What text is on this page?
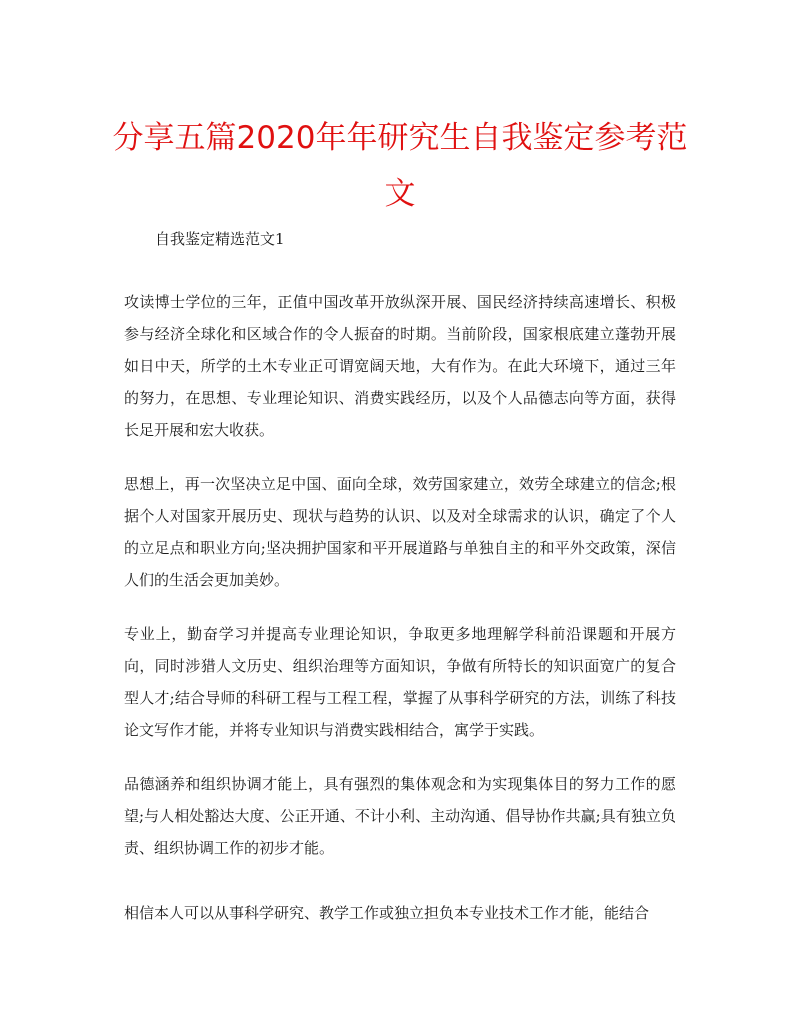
分享五篇2020年年研究生自我鉴定参考范文

自我鉴定精选范文1

攻读博士学位的三年，正值中国改革开放纵深开展、国民经济持续高速增长、积极参与经济全球化和区域合作的令人振奋的时期。当前阶段，国家根底建立蓬勃开展如日中天，所学的土木专业正可谓宽阔天地，大有作为。在此大环境下，通过三年的努力，在思想、专业理论知识、消费实践经历，以及个人品德志向等方面，获得长足开展和宏大收获。

思想上，再一次坚决立足中国、面向全球，效劳国家建立，效劳全球建立的信念;根据个人对国家开展历史、现状与趋势的认识、以及对全球需求的认识，确定了个人的立足点和职业方向;坚决拥护国家和平开展道路与单独自主的和平外交政策，深信人们的生活会更加美妙。

专业上，勤奋学习并提高专业理论知识，争取更多地理解学科前沿课题和开展方向，同时涉猎人文历史、组织治理等方面知识，争做有所特长的知识面宽广的复合型人才;结合导师的科研工程与工程工程，掌握了从事科学研究的方法，训练了科技论文写作才能，并将专业知识与消费实践相结合，寓学于实践。

品德涵养和组织协调才能上，具有强烈的集体观念和为实现集体目的努力工作的愿望;与人相处豁达大度、公正开通、不计小利、主动沟通、倡导协作共赢;具有独立负责、组织协调工作的初步才能。

相信本人可以从事科学研究、教学工作或独立担负本专业技术工作才能，能结合
